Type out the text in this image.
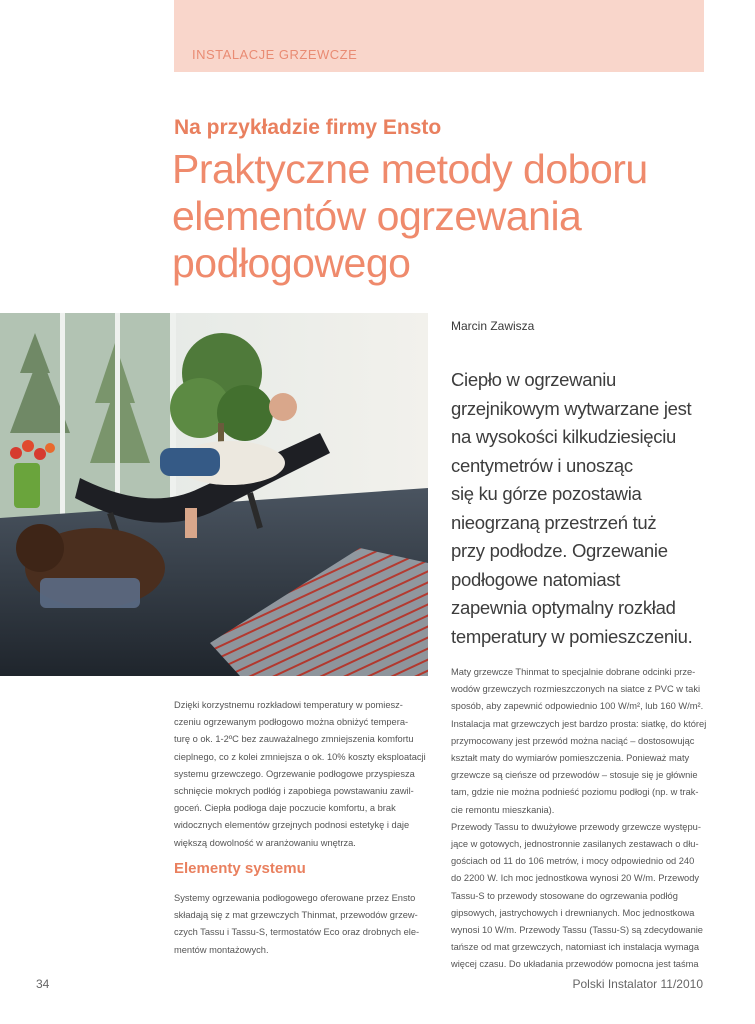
INSTALACJE GRZEWCZE
Na przykładzie firmy Ensto
Praktyczne metody doboru
elementów ogrzewania
podłogowego
Marcin Zawisza
Ciepło w ogrzewaniu
grzejnikowym wytwarzane jest
na wysokości kilkudziesięciu
centymetrów i unosząc
się ku górze pozostawia
nieogrzaną przestrzeń tuż
przy podłodze. Ogrzewanie
podłogowe natomiast
zapewnia optymalny rozkład
temperatury w pomieszczeniu.
Dzięki korzystnemu rozkładowi temperatury w pomiesz-
czeniu ogrzewanym podłogowo można obniżyć tempera-
turę o ok. 1-2ºC bez zauważalnego zmniejszenia komfortu
cieplnego, co z kolei zmniejsza o ok. 10% koszty eksploatacji
systemu grzewczego. Ogrzewanie podłogowe przyspiesza
schnięcie mokrych podłóg i zapobiega powstawaniu zawil-
goceń. Ciepła podłoga daje poczucie komfortu, a brak
widocznych elementów grzejnych podnosi estetykę i daje
większą dowolność w aranżowaniu wnętrza.
Elementy systemu
Systemy ogrzewania podłogowego oferowane przez Ensto
składają się z mat grzewczych Thinmat, przewodów grzew-
czych Tassu i Tassu-S, termostatów Eco oraz drobnych ele-
mentów montażowych.
Maty grzewcze Thinmat to specjalnie dobrane odcinki prze-
wodów grzewczych rozmieszczonych na siatce z PVC w taki
sposób, aby zapewnić odpowiednio 100 W/m², lub 160 W/m².
Instalacja mat grzewczych jest bardzo prosta: siatkę, do której
przymocowany jest przewód można naciąć – dostosowując
kształt maty do wymiarów pomieszczenia. Ponieważ maty
grzewcze są cieńsze od przewodów – stosuje się je głównie
tam, gdzie nie można podnieść poziomu podłogi (np. w trak-
cie remontu mieszkania).
Przewody Tassu to dwużyłowe przewody grzewcze występu-
jące w gotowych, jednostronnie zasilanych zestawach o dłu-
gościach od 11 do 106 metrów, i mocy odpowiednio od 240
do 2200 W. Ich moc jednostkowa wynosi 20 W/m. Przewody
Tassu-S to przewody stosowane do ogrzewania podłóg
gipsowych, jastrychowych i drewnianych. Moc jednostkowa
wynosi 10 W/m. Przewody Tassu (Tassu-S) są zdecydowanie
tańsze od mat grzewczych, natomiast ich instalacja wymaga
więcej czasu. Do układania przewodów pomocna jest taśma
34	Polski Instalator 11/2010
